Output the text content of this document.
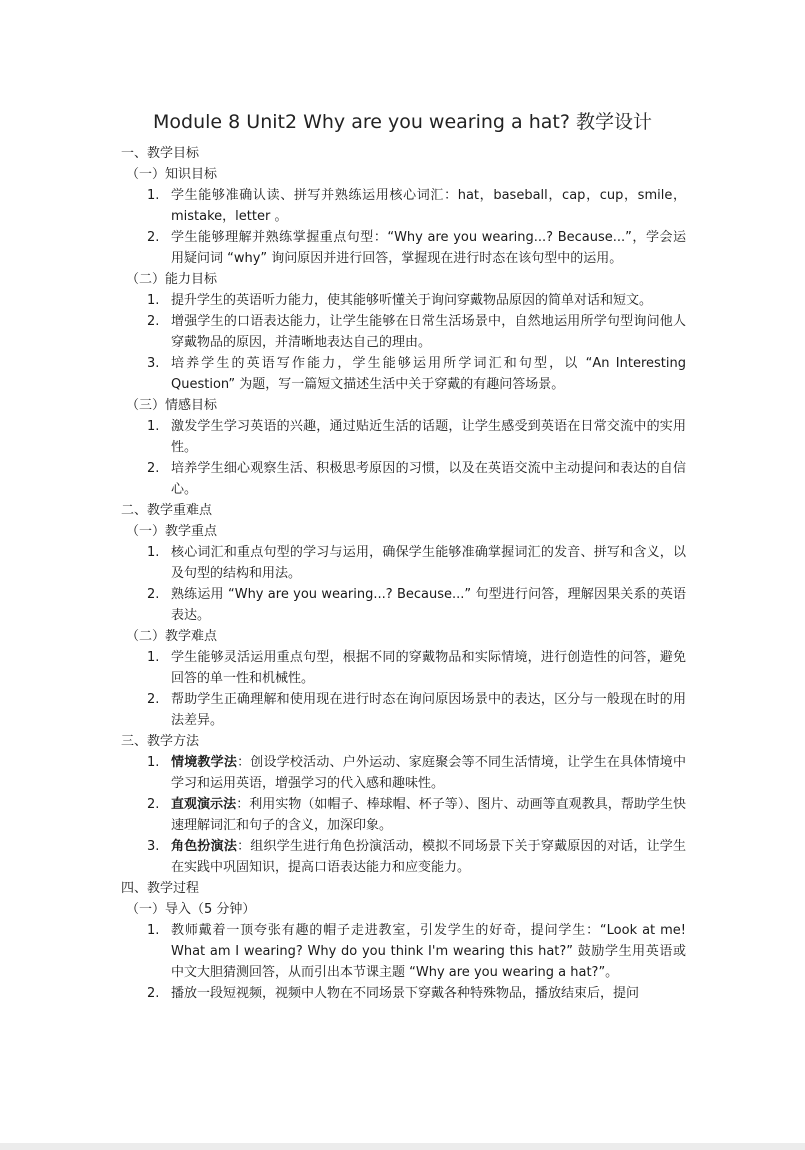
Module 8 Unit2 Why are you wearing a hat? 教学设计
一、教学目标
（一）知识目标
1. 学生能够准确认读、拼写并熟练运用核心词汇：hat，baseball，cap，cup，smile，mistake，letter 。
2. 学生能够理解并熟练掌握重点句型：“Why are you wearing...? Because...”，学会运用疑问词 “why” 询问原因并进行回答，掌握现在进行时态在该句型中的运用。
（二）能力目标
1. 提升学生的英语听力能力，使其能够听懂关于询问穿戴物品原因的简单对话和短文。
2. 增强学生的口语表达能力，让学生能够在日常生活场景中，自然地运用所学句型询问他人穿戴物品的原因，并清晰地表达自己的理由。
3. 培养学生的英语写作能力，学生能够运用所学词汇和句型，以 “An Interesting Question” 为题，写一篇短文描述生活中关于穿戴的有趣问答场景。
（三）情感目标
1. 激发学生学习英语的兴趣，通过贴近生活的话题，让学生感受到英语在日常交流中的实用性。
2. 培养学生细心观察生活、积极思考原因的习惯，以及在英语交流中主动提问和表达的自信心。
二、教学重难点
（一）教学重点
1. 核心词汇和重点句型的学习与运用，确保学生能够准确掌握词汇的发音、拼写和含义，以及句型的结构和用法。
2. 熟练运用 “Why are you wearing...? Because...” 句型进行问答，理解因果关系的英语表达。
（二）教学难点
1. 学生能够灵活运用重点句型，根据不同的穿戴物品和实际情境，进行创造性的问答，避免回答的单一性和机械性。
2. 帮助学生正确理解和使用现在进行时态在询问原因场景中的表达，区分与一般现在时的用法差异。
三、教学方法
1. 情境教学法：创设学校活动、户外运动、家庭聚会等不同生活情境，让学生在具体情境中学习和运用英语，增强学习的代入感和趣味性。
2. 直观演示法：利用实物（如帽子、棒球帽、杯子等）、图片、动画等直观教具，帮助学生快速理解词汇和句子的含义，加深印象。
3. 角色扮演法：组织学生进行角色扮演活动，模拟不同场景下关于穿戴原因的对话，让学生在实践中巩固知识，提高口语表达能力和应变能力。
四、教学过程
（一）导入（5 分钟）
1. 教师戴着一顶夸张有趣的帽子走进教室，引发学生的好奇，提问学生：“Look at me! What am I wearing? Why do you think I'm wearing this hat?” 鼓励学生用英语或中文大胆猜测回答，从而引出本节课主题 “Why are you wearing a hat?”。
2. 播放一段短视频，视频中人物在不同场景下穿戴各种特殊物品，播放结束后，提问
